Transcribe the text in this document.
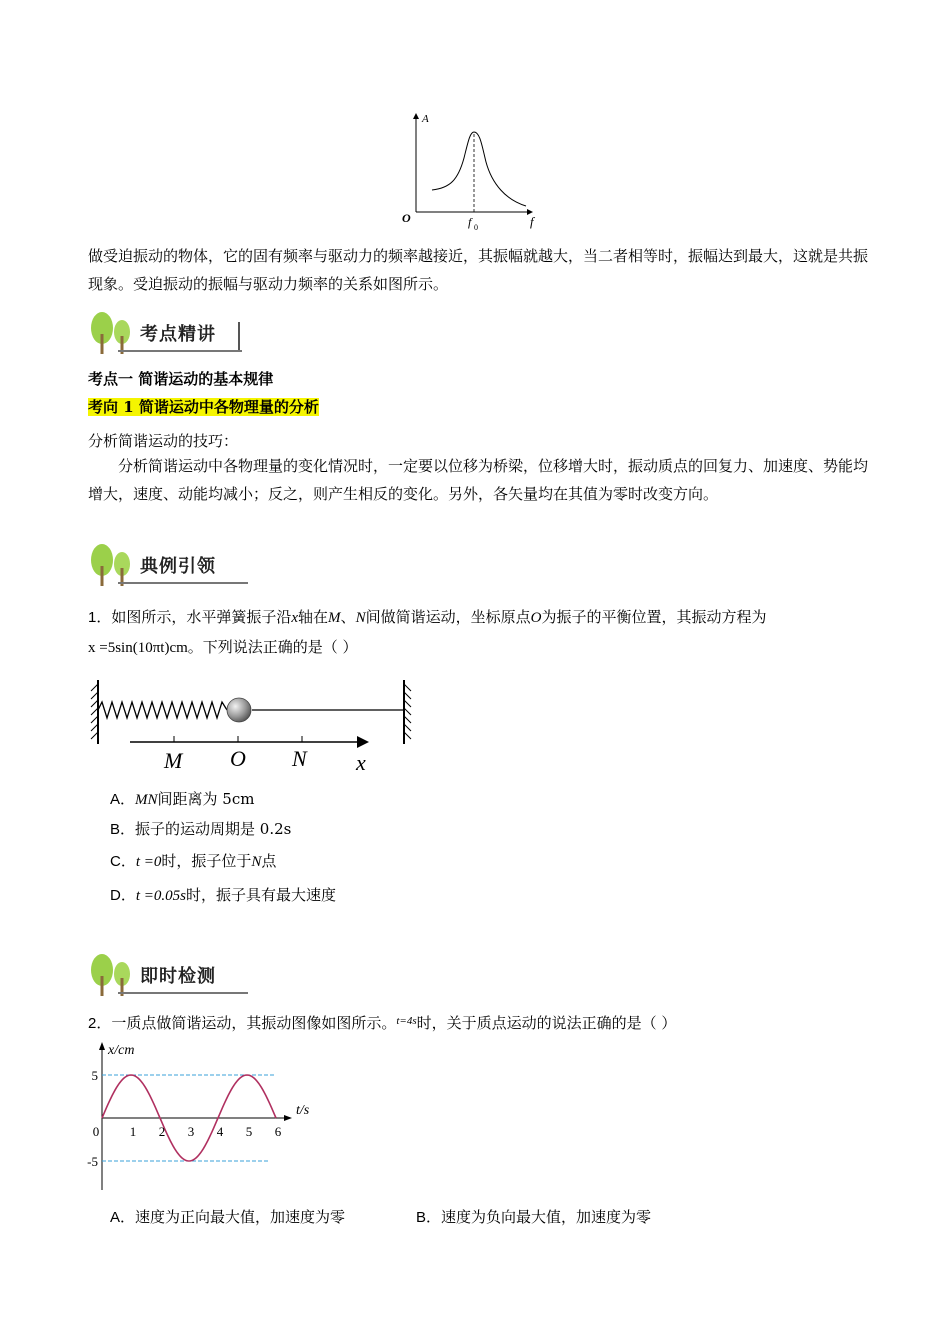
A
O	f 0	f
做受迫振动的物体，它的固有频率与驱动力的频率越接近，其振幅就越大，当二者相等时，振幅达到最大，这就是共振现象。受迫振动的振幅与驱动力频率的关系如图所示。
考点精讲
考点一 简谐运动的基本规律
考向 1 简谐运动中各物理量的分析
分析简谐运动的技巧：
分析简谐运动中各物理量的变化情况时，一定要以位移为桥梁，位移增大时，振动质点的回复力、加速度、势能均增大，速度、动能均减小；反之，则产生相反的变化。另外，各矢量均在其值为零时改变方向。
典例引领
1．如图所示，水平弹簧振子沿x轴在M、N间做简谐运动，坐标原点O为振子的平衡位置，其振动方程为
x =5sin(10πt)cm。下列说法正确的是（ ）
M O N x
A．MN间距离为 5cm
B．振子的运动周期是 0.2s
C．t =0时，振子位于N点
D．t =0.05s时，振子具有最大速度
即时检测
2．一质点做简谐运动，其振动图像如图所示。$^{t=4s}$时，关于质点运动的说法正确的是（ ）
0 1 2 3 4 5 6
5
-5
x/cm
t/s
A．速度为正向最大值，加速度为零	B．速度为负向最大值，加速度为零
